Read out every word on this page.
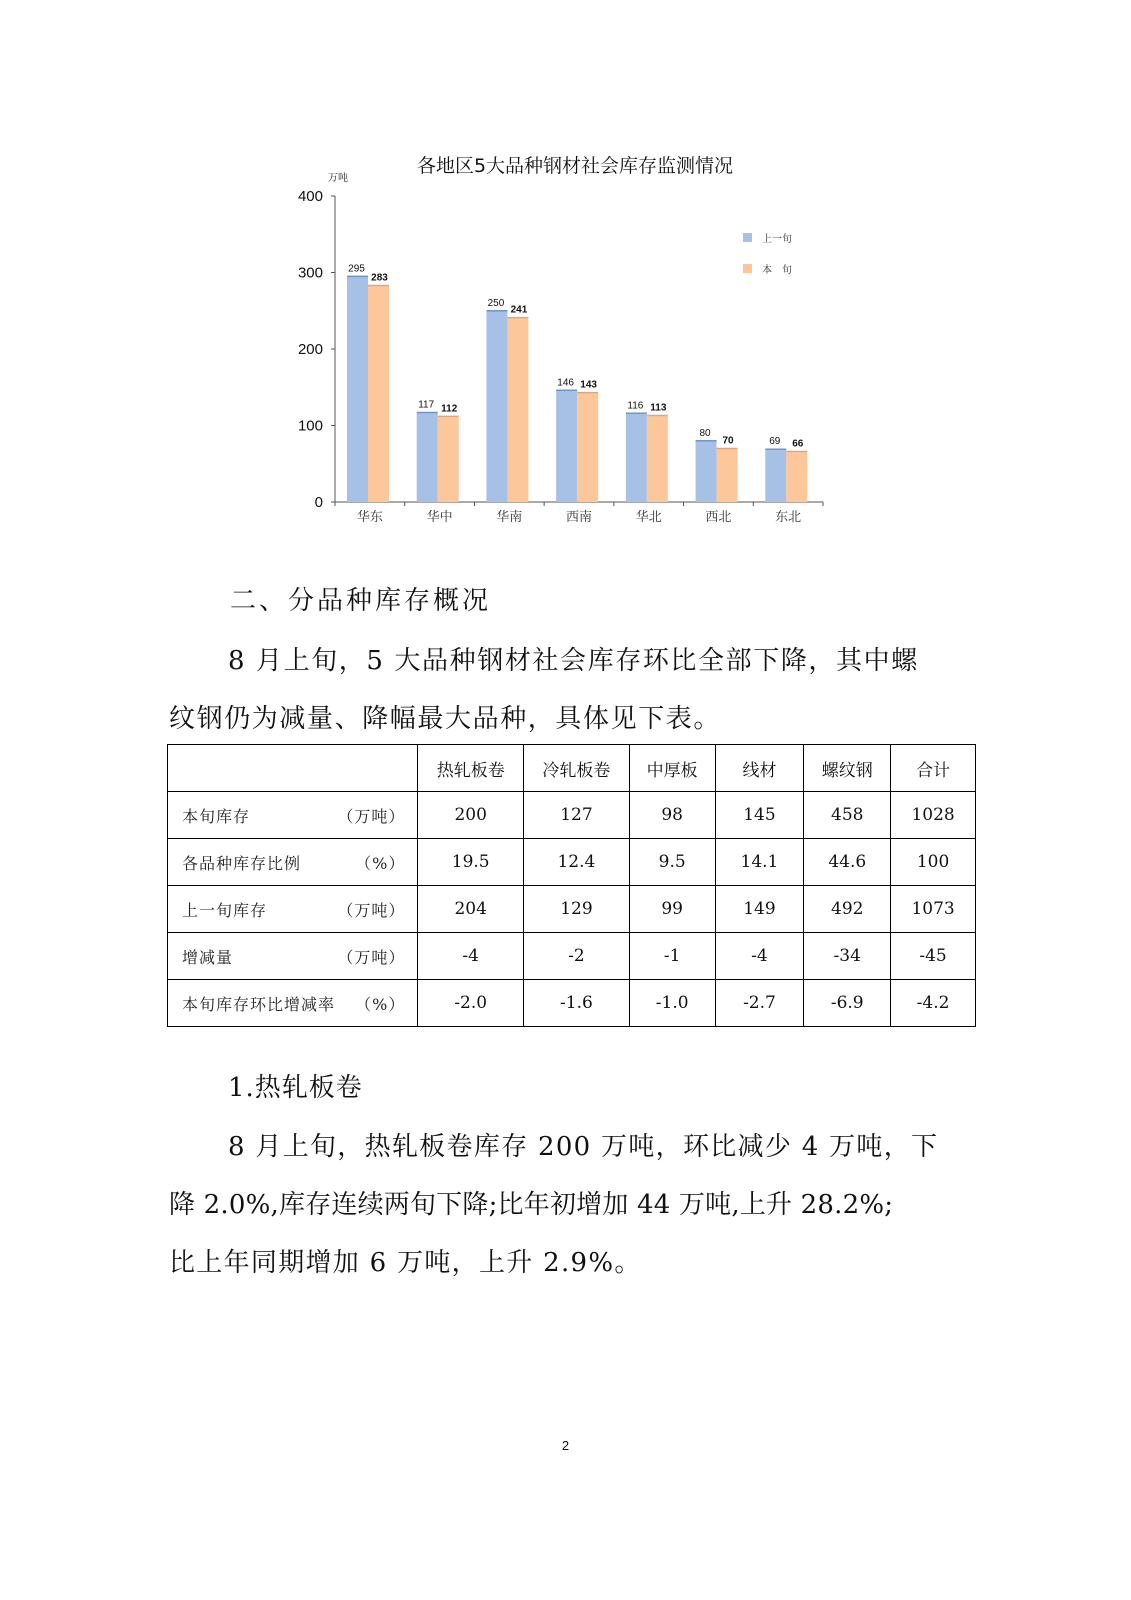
各地区5大品种钢材社会库存监测情况
万吨
0
100
200
300
400
华东	华中	华南	西南	华北	西北	东北
295
283
117 112
250
241
146 143
116 113
80
70	69 66
上一旬
本　旬
二、分品种库存概况
8 月上旬，5 大品种钢材社会库存环比全部下降，其中螺
纹钢仍为减量、降幅最大品种，具体见下表。
	热轧板卷	冷轧板卷	中厚板	线材	螺纹钢	合计

本旬库存 （万吨）	200	127	98	145	458	1028

各品种库存比例 （%）	19.5	12.4	9.5	14.1	44.6	100

上一旬库存 （万吨）	204	129	99	149	492	1073

增减量 （万吨）	-4	-2	-1	-4	-34	-45

本旬库存环比增减率 （%）	-2.0	-1.6	-1.0	-2.7	-6.9	-4.2
1.热轧板卷
8 月上旬，热轧板卷库存 200 万吨，环比减少 4 万吨，下
降 2.0%,库存连续两旬下降;比年初增加 44 万吨,上升 28.2%;
比上年同期增加 6 万吨，上升 2.9%。
2
